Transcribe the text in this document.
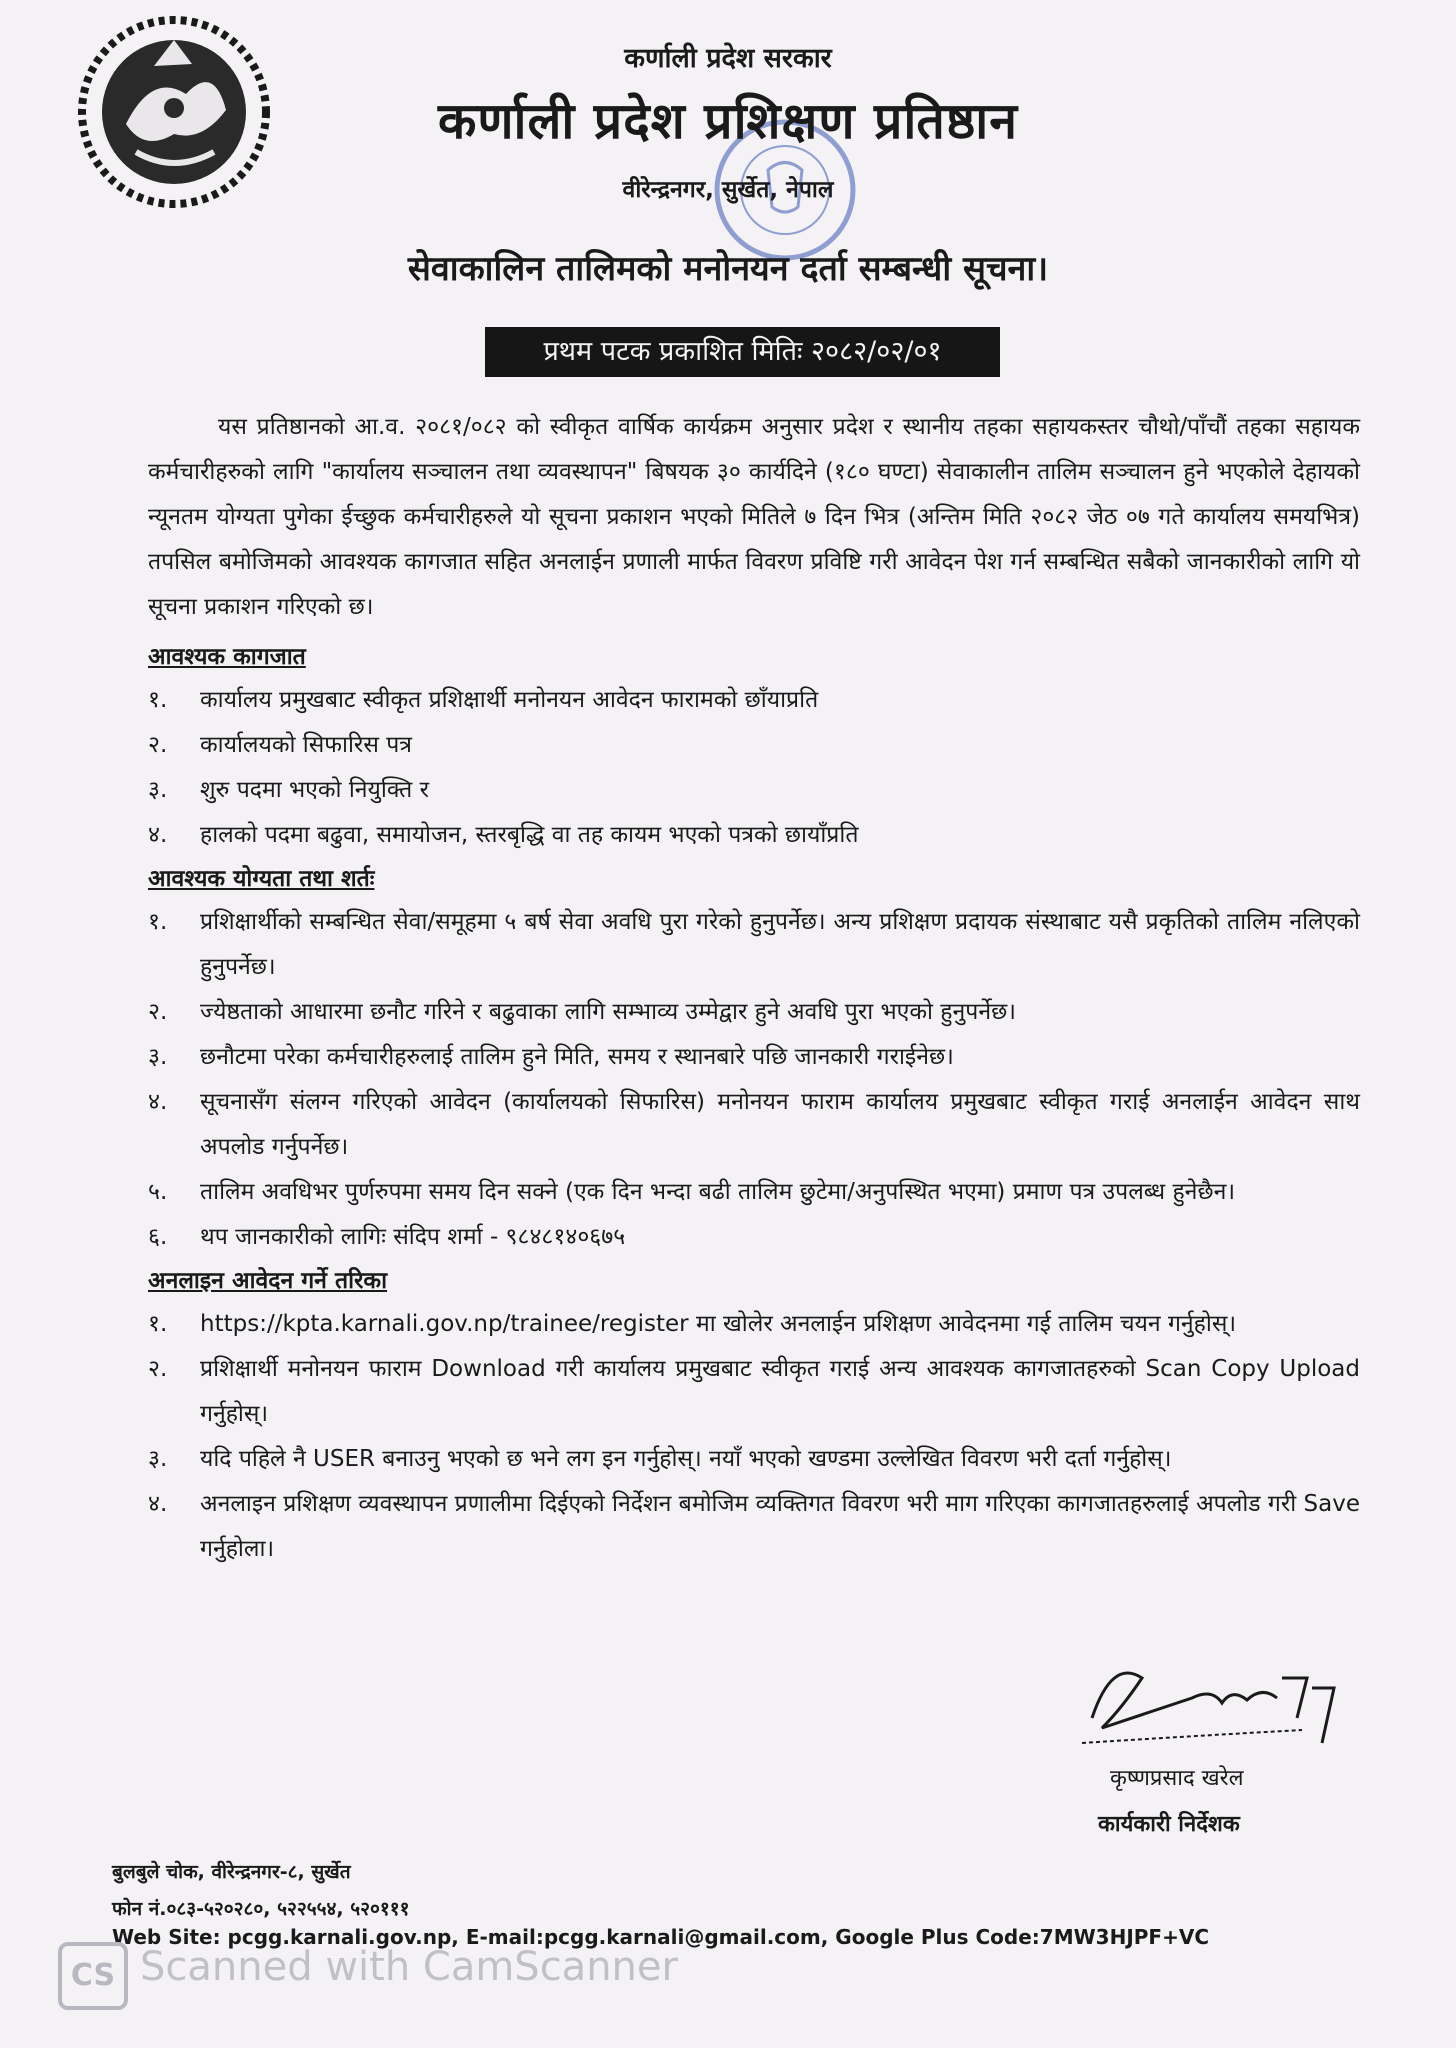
कर्णाली प्रदेश सरकार

कर्णाली प्रदेश प्रशिक्षण प्रतिष्ठान

वीरेन्द्रनगर, सुर्खेत, नेपाल

सेवाकालिन तालिमको मनोनयन दर्ता सम्बन्धी सूचना।

प्रथम पटक प्रकाशित मितिः २०८२/०२/०१

यस प्रतिष्ठानको आ.व. २०८१/०८२ को स्वीकृत वार्षिक कार्यक्रम अनुसार प्रदेश र स्थानीय तहका सहायकस्तर चौथो/पाँचौं तहका सहायक कर्मचारीहरुको लागि "कार्यालय सञ्चालन तथा व्यवस्थापन" बिषयक ३० कार्यदिने (१८० घण्टा) सेवाकालीन तालिम सञ्चालन हुने भएकोले देहायको न्यूनतम योग्यता पुगेका ईच्छुक कर्मचारीहरुले यो सूचना प्रकाशन भएको मितिले ७ दिन भित्र (अन्तिम मिति २०८२ जेठ ०७ गते कार्यालय समयभित्र) तपसिल बमोजिमको आवश्यक कागजात सहित अनलाईन प्रणाली मार्फत विवरण प्रविष्टि गरी आवेदन पेश गर्न सम्बन्धित सबैको जानकारीको लागि यो सूचना प्रकाशन गरिएको छ।

आवश्यक कागजात

१. कार्यालय प्रमुखबाट स्वीकृत प्रशिक्षार्थी मनोनयन आवेदन फारामको छाँयाप्रति
२. कार्यालयको सिफारिस पत्र
३. शुरु पदमा भएको नियुक्ति र
४. हालको पदमा बढुवा, समायोजन, स्तरबृद्धि वा तह कायम भएको पत्रको छायाँप्रति

आवश्यक योग्यता तथा शर्तः

१. प्रशिक्षार्थीको सम्बन्धित सेवा/समूहमा ५ बर्ष सेवा अवधि पुरा गरेको हुनुपर्नेछ। अन्य प्रशिक्षण प्रदायक संस्थाबाट यसै प्रकृतिको तालिम नलिएको हुनुपर्नेछ।
२. ज्येष्ठताको आधारमा छनौट गरिने र बढुवाका लागि सम्भाव्य उम्मेद्वार हुने अवधि पुरा भएको हुनुपर्नेछ।
३. छनौटमा परेका कर्मचारीहरुलाई तालिम हुने मिति, समय र स्थानबारे पछि जानकारी गराईनेछ।
४. सूचनासँग संलग्न गरिएको आवेदन (कार्यालयको सिफारिस) मनोनयन फाराम कार्यालय प्रमुखबाट स्वीकृत गराई अनलाईन आवेदन साथ अपलोड गर्नुपर्नेछ।
५. तालिम अवधिभर पुर्णरुपमा समय दिन सक्ने (एक दिन भन्दा बढी तालिम छुटेमा/अनुपस्थित भएमा) प्रमाण पत्र उपलब्ध हुनेछैन।
६. थप जानकारीको लागिः संदिप शर्मा - ९८४८१४०६७५

अनलाइन आवेदन गर्ने तरिका

१. https://kpta.karnali.gov.np/trainee/register मा खोलेर अनलाईन प्रशिक्षण आवेदनमा गई तालिम चयन गर्नुहोस्।
२. प्रशिक्षार्थी मनोनयन फाराम Download गरी कार्यालय प्रमुखबाट स्वीकृत गराई अन्य आवश्यक कागजातहरुको Scan Copy Upload गर्नुहोस्।
३. यदि पहिले नै USER बनाउनु भएको छ भने लग इन गर्नुहोस्। नयाँ भएको खण्डमा उल्लेखित विवरण भरी दर्ता गर्नुहोस्।
४. अनलाइन प्रशिक्षण व्यवस्थापन प्रणालीमा दिईएको निर्देशन बमोजिम व्यक्तिगत विवरण भरी माग गरिएका कागजातहरुलाई अपलोड गरी Save गर्नुहोला।

कृष्णप्रसाद खरेल

कार्यकारी निर्देशक

बुलबुले चोक, वीरेन्द्रनगर-८, सुर्खेत

फोन नं.०८३-५२०२८०, ५२२५५४, ५२०१११

Web Site: pcgg.karnali.gov.np, E-mail:pcgg.karnali@gmail.com, Google Plus Code:7MW3HJPF+VC

CS Scanned with CamScanner
